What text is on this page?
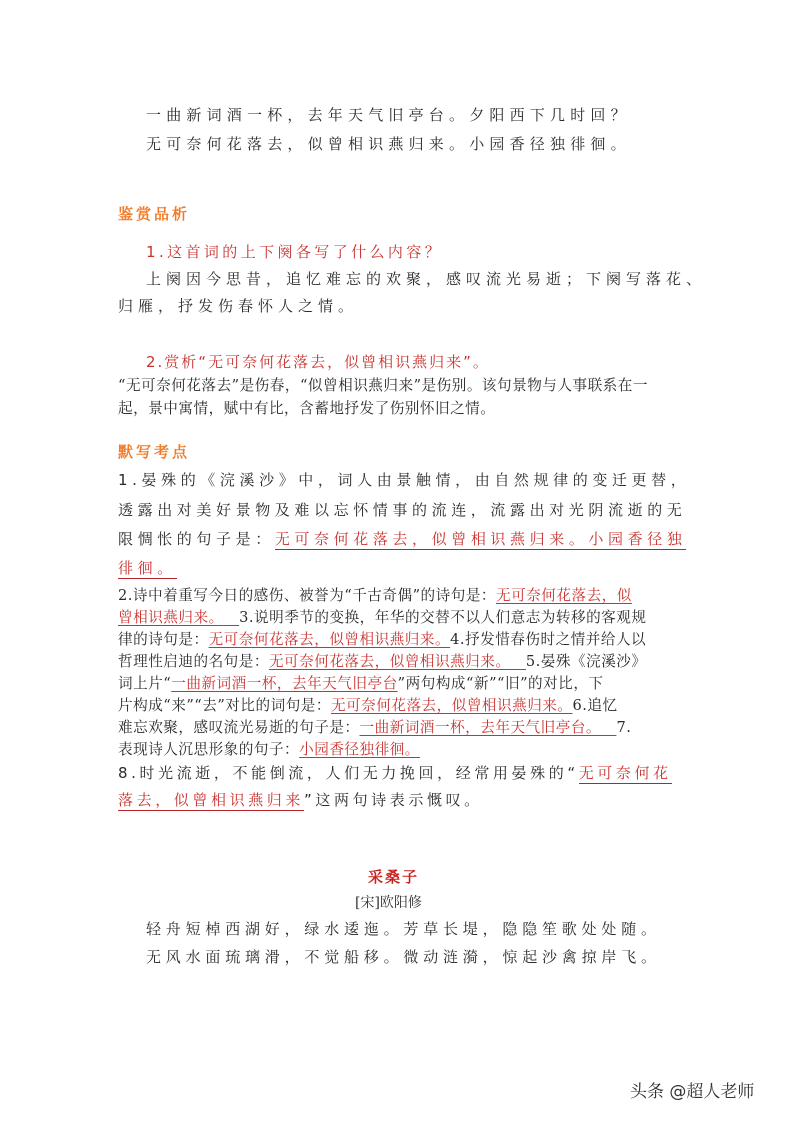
一曲新词酒一杯，去年天气旧亭台。夕阳西下几时回？
无可奈何花落去，似曾相识燕归来。小园香径独徘徊。
鉴赏品析
1.这首词的上下阕各写了什么内容？
上阕因今思昔，追忆难忘的欢聚，感叹流光易逝；下阕写落花、
归雁，抒发伤春怀人之情。
2.赏析“无可奈何花落去，似曾相识燕归来”。
“无可奈何花落去”是伤春，“似曾相识燕归来”是伤别。该句景物与人事联系在一
起，景中寓情，赋中有比，含蓄地抒发了伤别怀旧之情。
默写考点
1.晏殊的《浣溪沙》中，词人由景触情，由自然规律的变迁更替，
透露出对美好景物及难以忘怀情事的流连，流露出对光阴流逝的无
限惆怅的句子是：无可奈何花落去，似曾相识燕归来。小园香径独
徘徊。
2.诗中着重写今日的感伤、被誉为“千古奇偶”的诗句是：无可奈何花落去，似
曾相识燕归来。 3.说明季节的变换，年华的交替不以人们意志为转移的客观规
律的诗句是：无可奈何花落去，似曾相识燕归来。4.抒发惜春伤时之情并给人以
哲理性启迪的名句是：无可奈何花落去，似曾相识燕归来。 5.晏殊《浣溪沙》
词上片“一曲新词酒一杯，去年天气旧亭台”两句构成“新”“旧”的对比，下
片构成“来”“去”对比的词句是：无可奈何花落去，似曾相识燕归来。6.追忆
难忘欢聚，感叹流光易逝的句子是：一曲新词酒一杯，去年天气旧亭台。 7.
表现诗人沉思形象的句子：小园香径独徘徊。
8.时光流逝，不能倒流，人们无力挽回，经常用晏殊的“无可奈何花
落去，似曾相识燕归来”这两句诗表示慨叹。
采桑子
[宋]欧阳修
轻舟短棹西湖好，绿水逶迤。芳草长堤，隐隐笙歌处处随。
无风水面琉璃滑，不觉船移。微动涟漪，惊起沙禽掠岸飞。
头条 @超人老师
